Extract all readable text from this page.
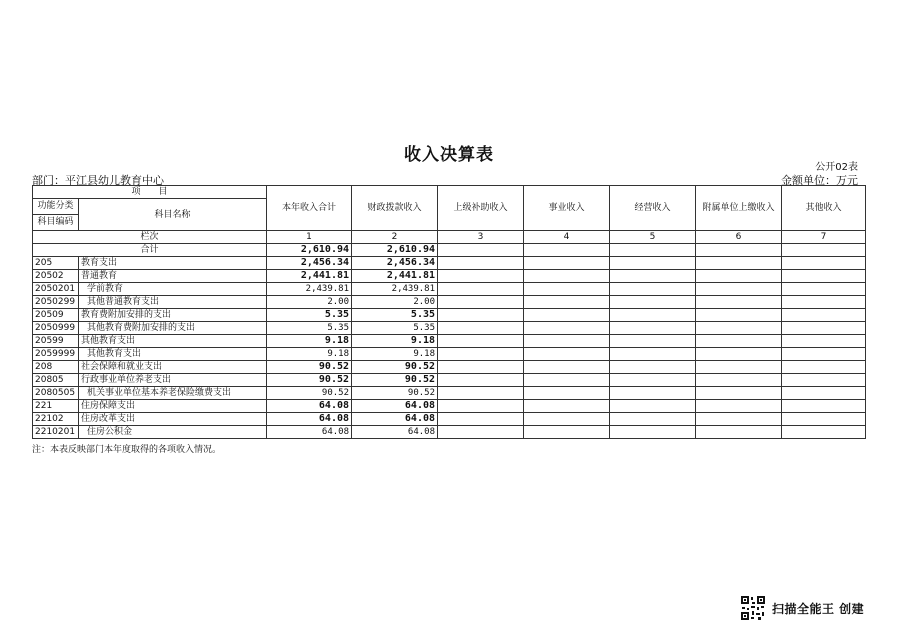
收入决算表
公开02表
部门：平江县幼儿教育中心	金额单位：万元
项　　目		本年收入合计	财政拨款收入	上级补助收入	事业收入	经营收入	附属单位上缴收入	其他收入
功能分类	科目名称							
科目编码								
栏次		1	2	3	4	5	6	7
合计		2,610.94	2,610.94					
205	教育支出	2,456.34	2,456.34					
20502	普通教育	2,441.81	2,441.81					
2050201	学前教育	2,439.81	2,439.81					
2050299	其他普通教育支出	2.00	2.00					
20509	教育费附加安排的支出	5.35	5.35					
2050999	其他教育费附加安排的支出	5.35	5.35					
20599	其他教育支出	9.18	9.18					
2059999	其他教育支出	9.18	9.18					
208	社会保障和就业支出	90.52	90.52					
20805	行政事业单位养老支出	90.52	90.52					
2080505	机关事业单位基本养老保险缴费支出	90.52	90.52					
221	住房保障支出	64.08	64.08					
22102	住房改革支出	64.08	64.08					
2210201	住房公积金	64.08	64.08					
注：本表反映部门本年度取得的各项收入情况。
扫描全能王 创建
